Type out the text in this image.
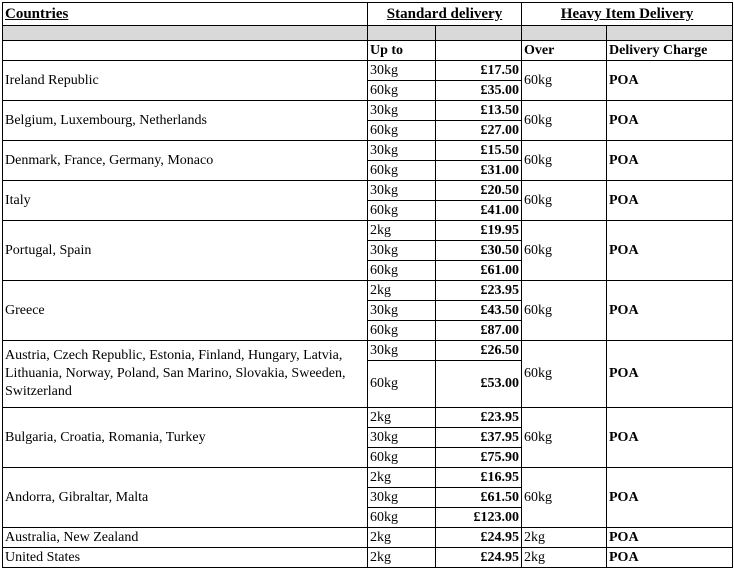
Countries	Standard delivery		Heavy Item Delivery	

	Up to		Over	Delivery Charge
Ireland Republic	30kg	£17.50	60kg	POA
	60kg	£35.00		
Belgium, Luxembourg, Netherlands	30kg	£13.50	60kg	POA
	60kg	£27.00		
Denmark, France, Germany, Monaco	30kg	£15.50	60kg	POA
	60kg	£31.00		
Italy	30kg	£20.50	60kg	POA
	60kg	£41.00		
Portugal, Spain	2kg	£19.95	60kg	POA
	30kg	£30.50		
	60kg	£61.00		
Greece	2kg	£23.95	60kg	POA
	30kg	£43.50		
	60kg	£87.00		
Austria, Czech Republic, Estonia, Finland, Hungary, Latvia, Lithuania, Norway, Poland, San Marino, Slovakia, Sweeden, Switzerland	30kg	£26.50	60kg	POA
	60kg	£53.00		
Bulgaria, Croatia, Romania, Turkey	2kg	£23.95	60kg	POA
	30kg	£37.95		
	60kg	£75.90		
Andorra, Gibraltar, Malta	2kg	£16.95	60kg	POA
	30kg	£61.50		
	60kg	£123.00		
Australia, New Zealand	2kg	£24.95	2kg	POA
United States	2kg	£24.95	2kg	POA
